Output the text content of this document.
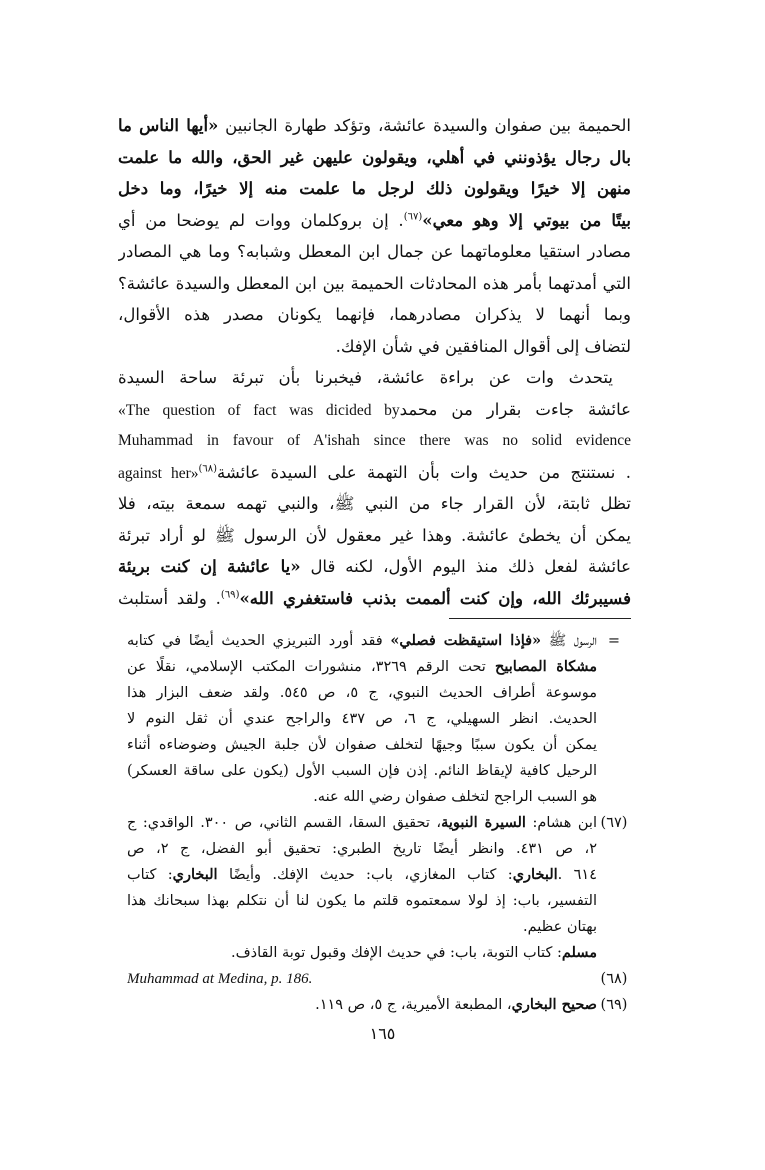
الحميمة بين صفوان والسيدة عائشة، وتؤكد طهارة الجانبين «أيها الناس ما
بال رجال يؤذونني في أهلي، ويقولون عليهن غير الحق، والله ما علمت
منهن إلا خيرًا ويقولون ذلك لرجل ما علمت منه إلا خيرًا، وما دخل
بيتًا من بيوتي إلا وهو معي»$^{(٦٧)}$. إن بروكلمان ووات لم يوضحا من أي
مصادر استقيا معلوماتهما عن جمال ابن المعطل وشبابه؟ وما هي المصادر
التي أمدتهما بأمر هذه المحادثات الحميمة بين ابن المعطل والسيدة عائشة؟
وبما أنهما لا يذكران مصادرهما، فإنهما يكونان مصدر هذه الأقوال،
لتضاف إلى أقوال المنافقين في شأن الإفك.
يتحدث وات عن براءة عائشة، فيخبرنا بأن تبرئة ساحة السيدة
عائشة جاءت بقرار من محمد«The question of fact was dicided by
Muhammad in favour of A'ishah since there was no solid evidence
. نستنتج من حديث وات بأن التهمة على السيدة عائشة$^{(٦٨)}$against her»
تظل ثابتة، لأن القرار جاء من النبي ﷺ، والنبي تهمه سمعة بيته، فلا
يمكن أن يخطئ عائشة. وهذا غير معقول لأن الرسول ﷺ لو أراد تبرئة
عائشة لفعل ذلك منذ اليوم الأول، لكنه قال «يا عائشة إن كنت بريئة
فسيبرئك الله، وإن كنت ألممت بذنب فاستغفري الله»$^{(٦٩)}$. ولقد أستلبث
=
الرسول ﷺ «فإذا استيقظت فصلي» فقد أورد التبريزي الحديث أيضًا في كتابه
مشكاة المصابيح تحت الرقم ٣٢٦٩، منشورات المكتب الإسلامي، نقلًا عن
موسوعة أطراف الحديث النبوي، ج ٥، ص ٥٤٥. ولقد ضعف البزار هذا
الحديث. انظر السهيلي، ج ٦، ص ٤٣٧ والراجح عندي أن ثقل النوم لا
يمكن أن يكون سببًا وجيهًا لتخلف صفوان لأن جلبة الجيش وضوضاءه أثناء
الرحيل كافية لإيقاظ النائم. إذن فإن السبب الأول (يكون على ساقة العسكر)
هو السبب الراجح لتخلف صفوان رضي الله عنه.
(٦٧)
ابن هشام: السيرة النبوية، تحقيق السقا، القسم الثاني، ص ٣٠٠. الواقدي: ج
٢، ص ٤٣١. وانظر أيضًا تاريخ الطبري: تحقيق أبو الفضل، ج ٢، ص
٦١٤ .البخاري: كتاب المغازي، باب: حديث الإفك. وأيضًا البخاري: كتاب
التفسير، باب: إذ لولا سمعتموه قلتم ما يكون لنا أن نتكلم بهذا سبحانك هذا
بهتان عظيم.
مسلم: كتاب التوبة، باب: في حديث الإفك وقبول توبة القاذف.
(٦٨)
Muhammad at Medina, p. 186.
(٦٩)
صحيح البخاري، المطبعة الأميرية، ج ٥، ص ١١٩.
١٦٥
